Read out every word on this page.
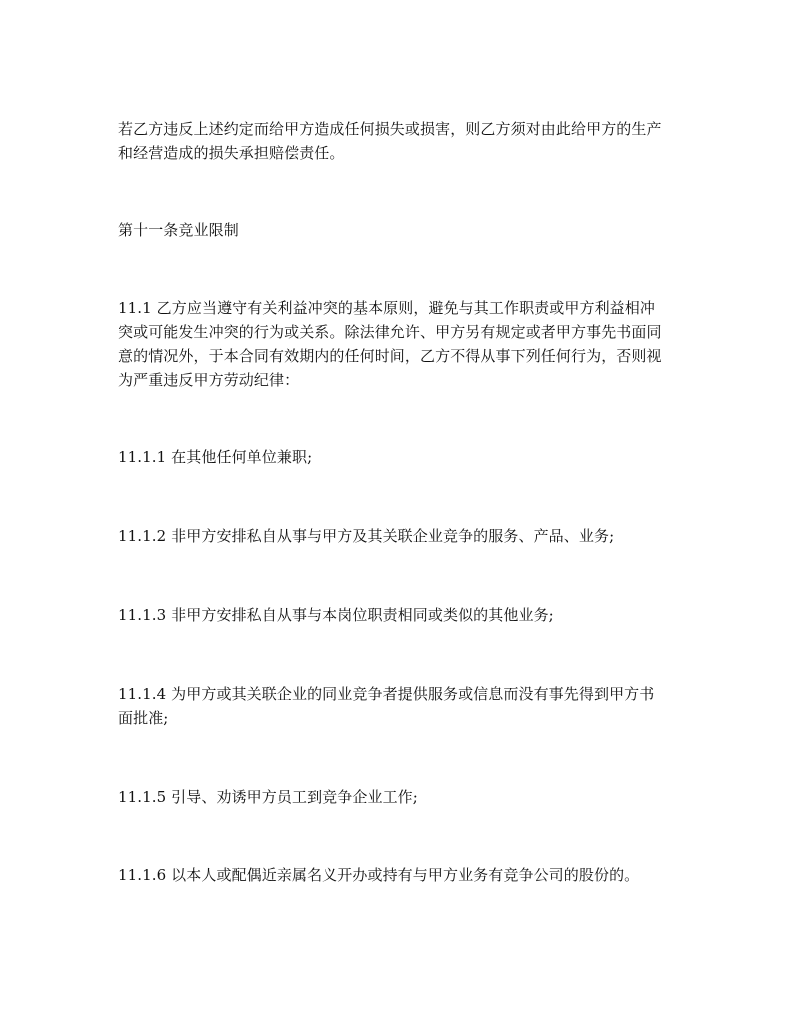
若乙方违反上述约定而给甲方造成任何损失或损害，则乙方须对由此给甲方的生产
和经营造成的损失承担赔偿责任。

第十一条竞业限制

11.1 乙方应当遵守有关利益冲突的基本原则，避免与其工作职责或甲方利益相冲
突或可能发生冲突的行为或关系。除法律允许、甲方另有规定或者甲方事先书面同
意的情况外，于本合同有效期内的任何时间，乙方不得从事下列任何行为，否则视
为严重违反甲方劳动纪律：

11.1.1 在其他任何单位兼职;

11.1.2 非甲方安排私自从事与甲方及其关联企业竞争的服务、产品、业务;

11.1.3 非甲方安排私自从事与本岗位职责相同或类似的其他业务;

11.1.4 为甲方或其关联企业的同业竞争者提供服务或信息而没有事先得到甲方书
面批准;

11.1.5 引导、劝诱甲方员工到竞争企业工作;

11.1.6 以本人或配偶近亲属名义开办或持有与甲方业务有竞争公司的股份的。
